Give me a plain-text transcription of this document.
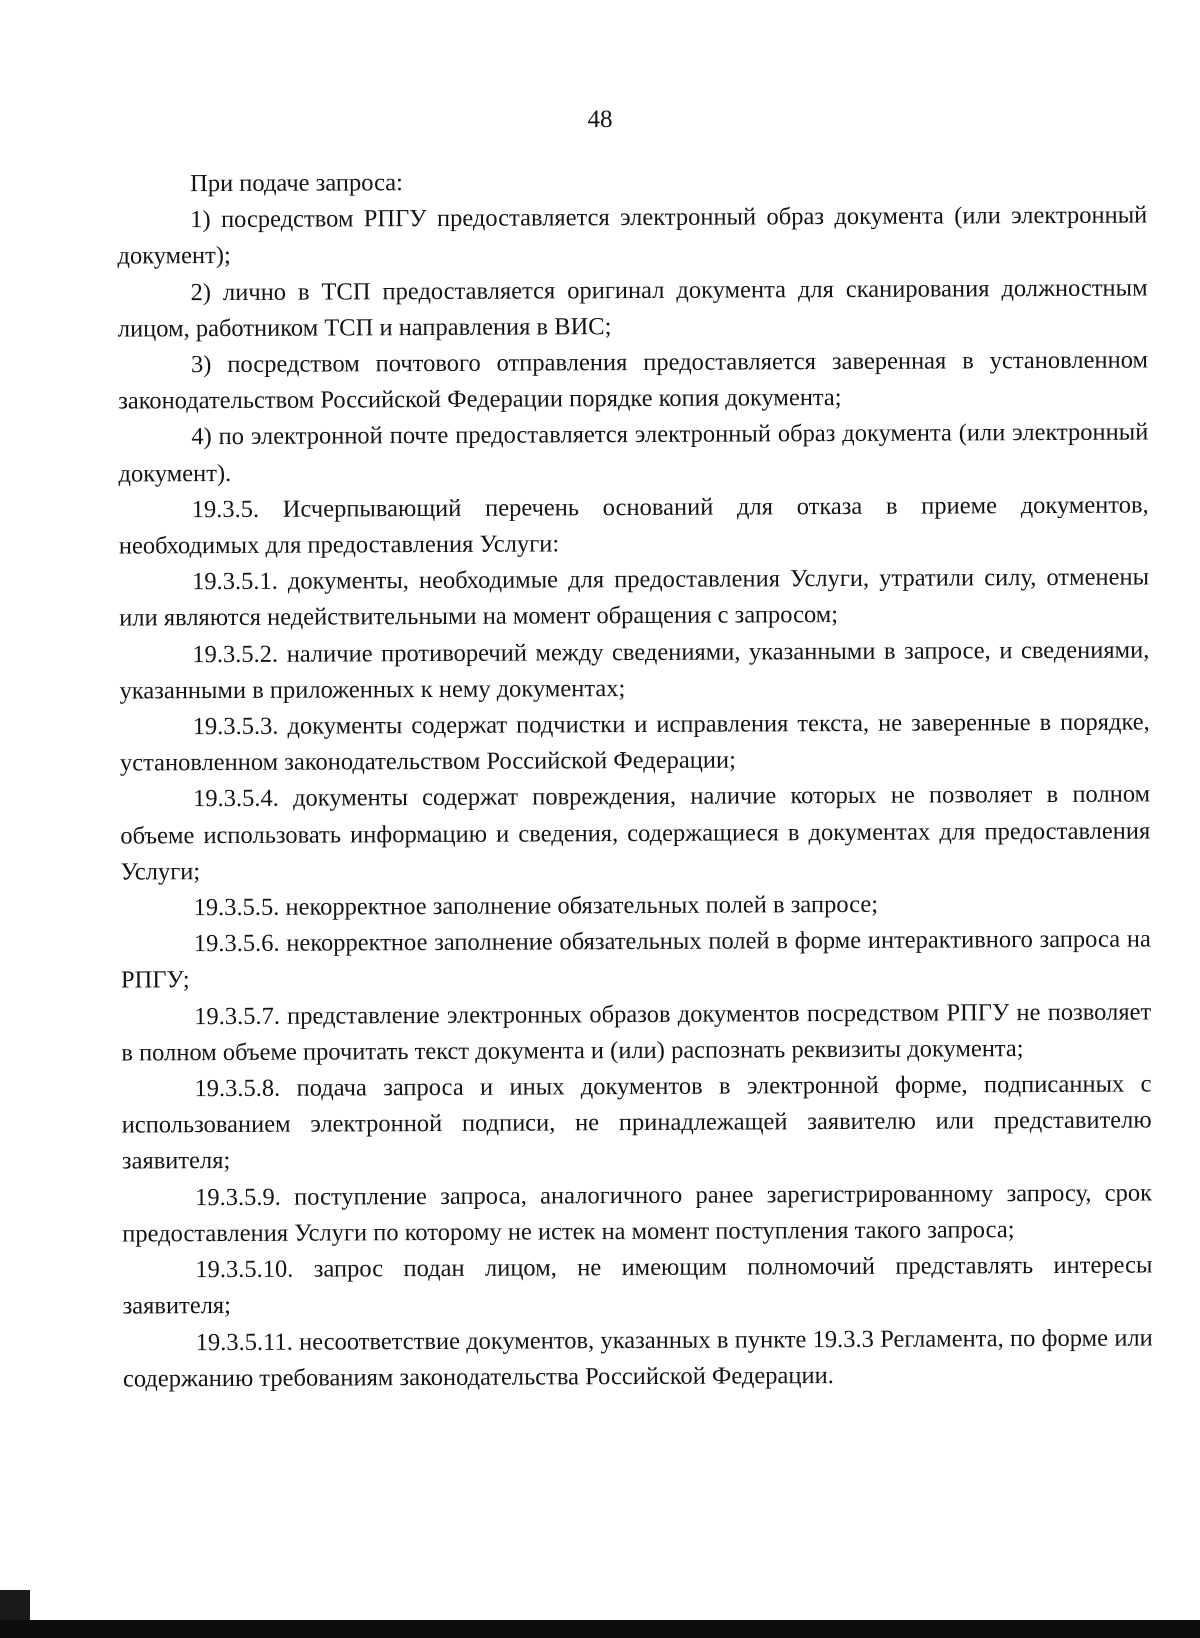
48

При подаче запроса:

1) посредством РПГУ предоставляется электронный образ документа (или электронный документ);

2) лично в ТСП предоставляется оригинал документа для сканирования должностным лицом, работником ТСП и направления в ВИС;

3) посредством почтового отправления предоставляется заверенная в установленном законодательством Российской Федерации порядке копия документа;

4) по электронной почте предоставляется электронный образ документа (или электронный документ).

19.3.5. Исчерпывающий перечень оснований для отказа в приеме документов, необходимых для предоставления Услуги:

19.3.5.1. документы, необходимые для предоставления Услуги, утратили силу, отменены или являются недействительными на момент обращения с запросом;

19.3.5.2. наличие противоречий между сведениями, указанными в запросе, и сведениями, указанными в приложенных к нему документах;

19.3.5.3. документы содержат подчистки и исправления текста, не заверенные в порядке, установленном законодательством Российской Федерации;

19.3.5.4. документы содержат повреждения, наличие которых не позволяет в полном объеме использовать информацию и сведения, содержащиеся в документах для предоставления Услуги;

19.3.5.5. некорректное заполнение обязательных полей в запросе;

19.3.5.6. некорректное заполнение обязательных полей в форме интерактивного запроса на РПГУ;

19.3.5.7. представление электронных образов документов посредством РПГУ не позволяет в полном объеме прочитать текст документа и (или) распознать реквизиты документа;

19.3.5.8. подача запроса и иных документов в электронной форме, подписанных с использованием электронной подписи, не принадлежащей заявителю или представителю заявителя;

19.3.5.9. поступление запроса, аналогичного ранее зарегистрированному запросу, срок предоставления Услуги по которому не истек на момент поступления такого запроса;

19.3.5.10. запрос подан лицом, не имеющим полномочий представлять интересы заявителя;

19.3.5.11. несоответствие документов, указанных в пункте 19.3.3 Регламента, по форме или содержанию требованиям законодательства Российской Федерации.
